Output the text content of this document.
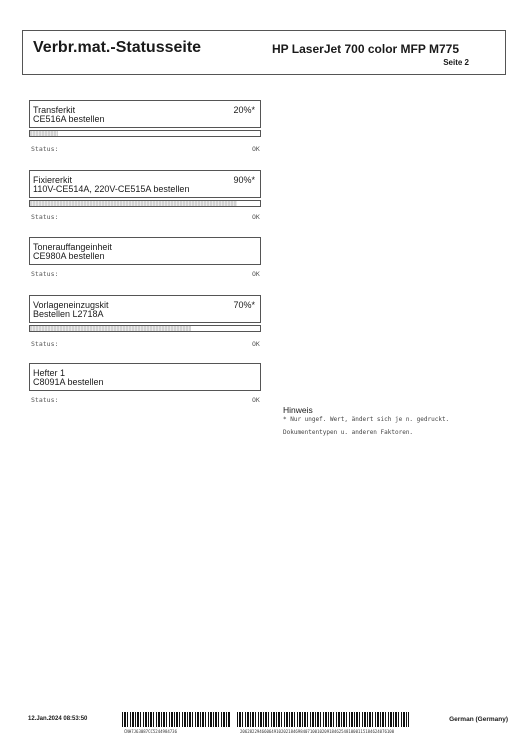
Verbr.mat.-Statusseite	HP LaserJet 700 color MFP M775
Seite 2
Transferkit
CE516A bestellen
20%*
Status:	OK
Fixiererkit
110V-CE514A, 220V-CE515A bestellen
90%*
Status:	OK
Tonerauffangeinheit
CE980A bestellen
Status:	OK
Vorlageneinzugskit
Bestellen L2718A
70%*
Status:	OK
Hefter 1
C8091A bestellen
Status:	OK
Hinweis
* Nur ungef. Wert, ändert sich je n. gedruckt.
Dokumententypen u. anderen Faktoren.
12.Jan.2024 08:53:50
CNH7J63087CC5244984736	2062822946606491020218469840710010209184625481000115184624076100
German (Germany)
